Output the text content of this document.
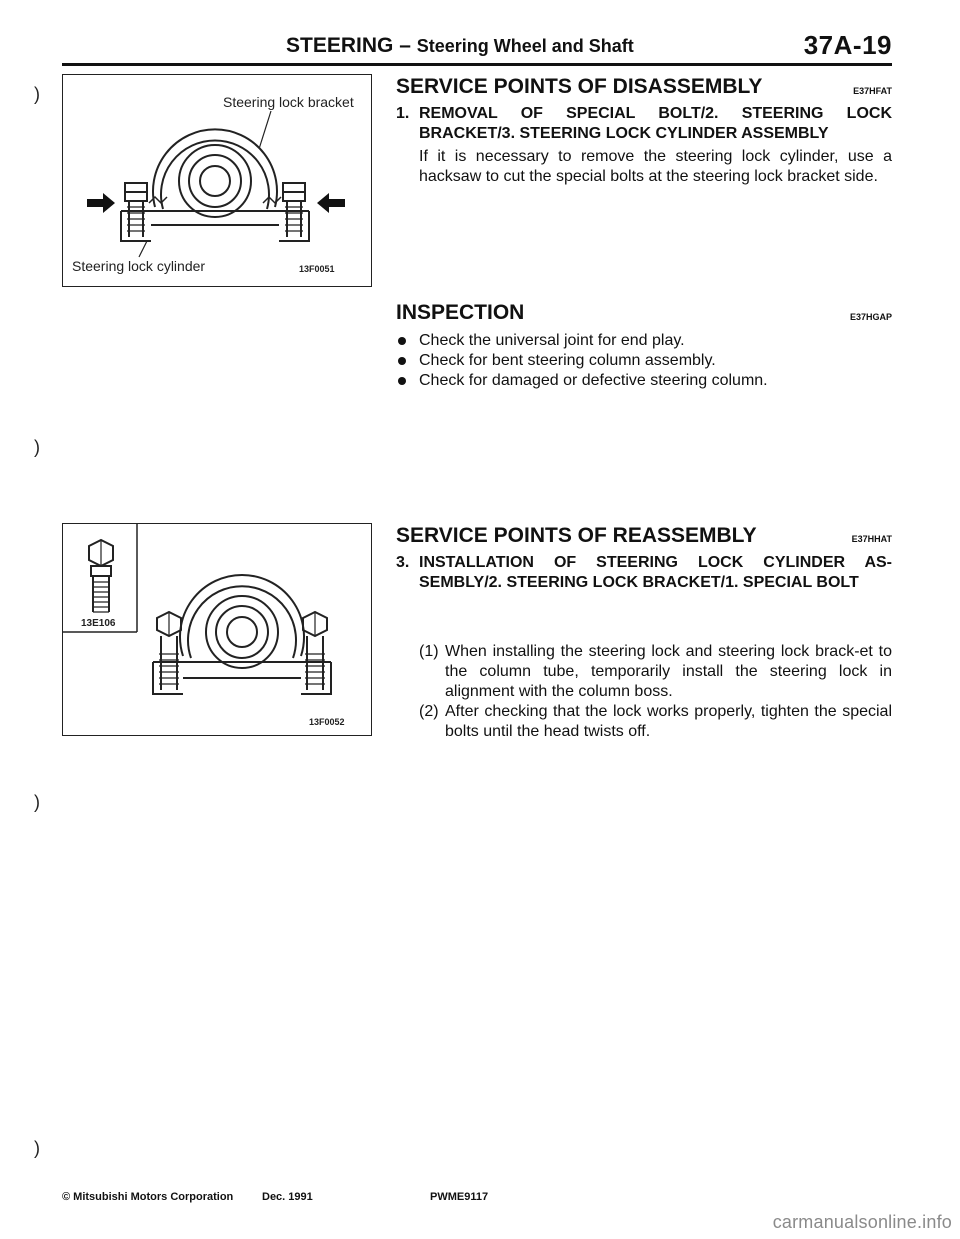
)
)
)
)
STEERING – Steering Wheel and Shaft	37A-19
Steering lock bracket
Steering lock cylinder	13F0051
13E106
13F0052
SERVICE POINTS OF DISASSEMBLY	E37HFAT
1. REMOVAL OF SPECIAL BOLT/2. STEERING LOCK BRACKET/3. STEERING LOCK CYLINDER ASSEMBLY
If it is necessary to remove the steering lock cylinder, use a hacksaw to cut the special bolts at the steering lock bracket side.
INSPECTION	E37HGAP
Check the universal joint for end play.
Check for bent steering column assembly.
Check for damaged or defective steering column.
SERVICE POINTS OF REASSEMBLY	E37HHAT
3. INSTALLATION OF STEERING LOCK CYLINDER AS-SEMBLY/2. STEERING LOCK BRACKET/1. SPECIAL BOLT
(1) When installing the steering lock and steering lock brack-et to the column tube, temporarily install the steering lock in alignment with the column boss.
(2) After checking that the lock works properly, tighten the special bolts until the head twists off.
© Mitsubishi Motors Corporation	Dec. 1991	PWME9117
carmanualsonline.info
